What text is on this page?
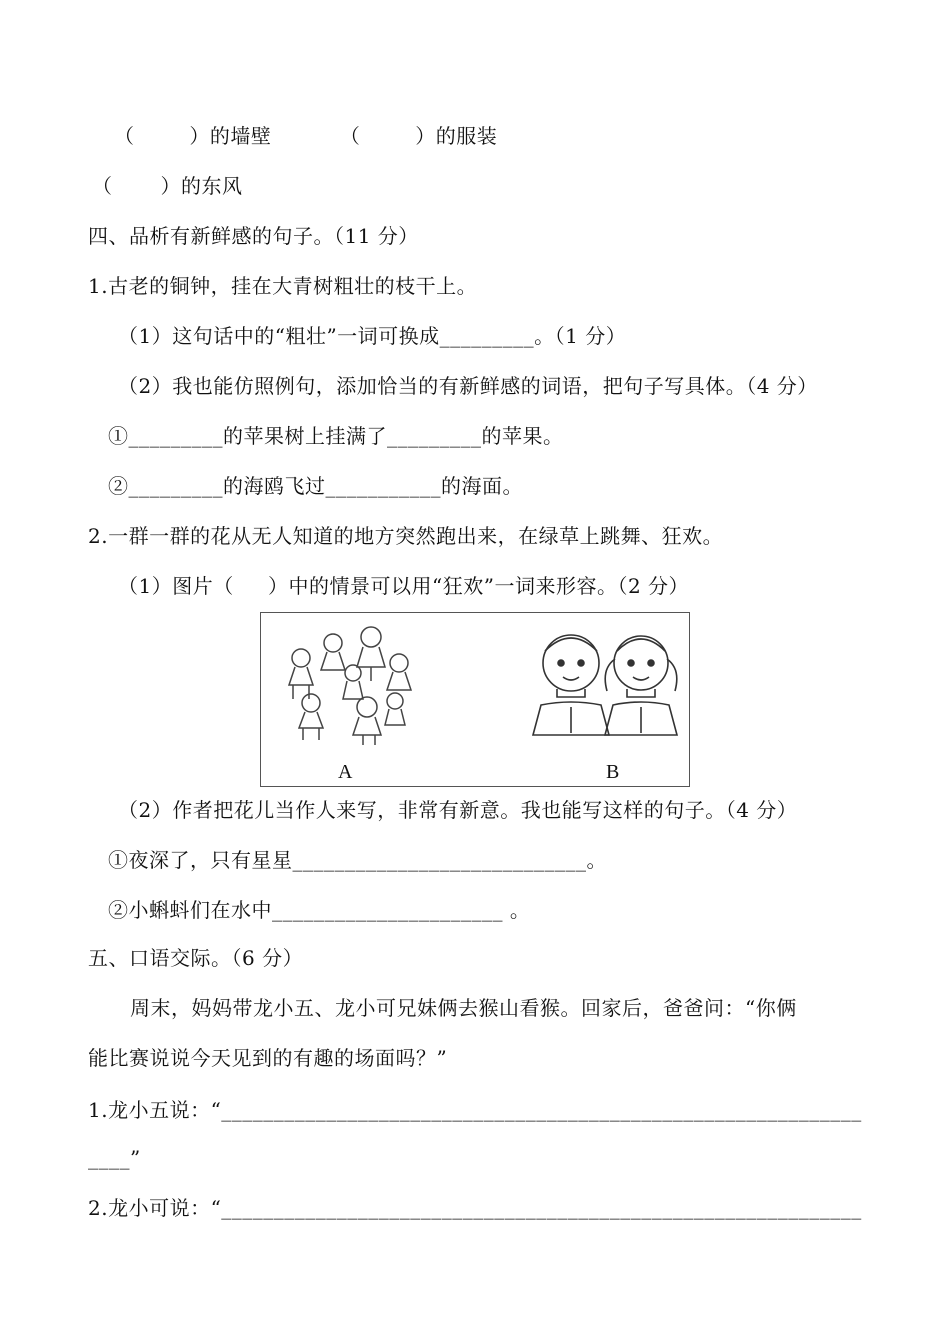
（        ）的墙壁          （        ）的服装
（       ）的东风
四、品析有新鲜感的句子。（11 分）
1.古老的铜钟，挂在大青树粗壮的枝干上。
（1）这句话中的“粗壮”一词可换成_________。（1 分）
（2）我也能仿照例句，添加恰当的有新鲜感的词语，把句子写具体。（4 分）
①_________的苹果树上挂满了_________的苹果。
②_________的海鸥飞过___________的海面。
2.一群一群的花从无人知道的地方突然跑出来，在绿草上跳舞、狂欢。
（1）图片（     ）中的情景可以用“狂欢”一词来形容。（2 分）
A	B
（2）作者把花儿当作人来写，非常有新意。我也能写这样的句子。（4 分）
①夜深了，只有星星____________________________。
②小蝌蚪们在水中______________________ 。
五、口语交际。（6 分）
周末，妈妈带龙小五、龙小可兄妹俩去猴山看猴。回家后，爸爸问：“你俩
能比赛说说今天见到的有趣的场面吗？”
1.龙小五说：“_____________________________________________________________
____”
2.龙小可说：“_____________________________________________________________
